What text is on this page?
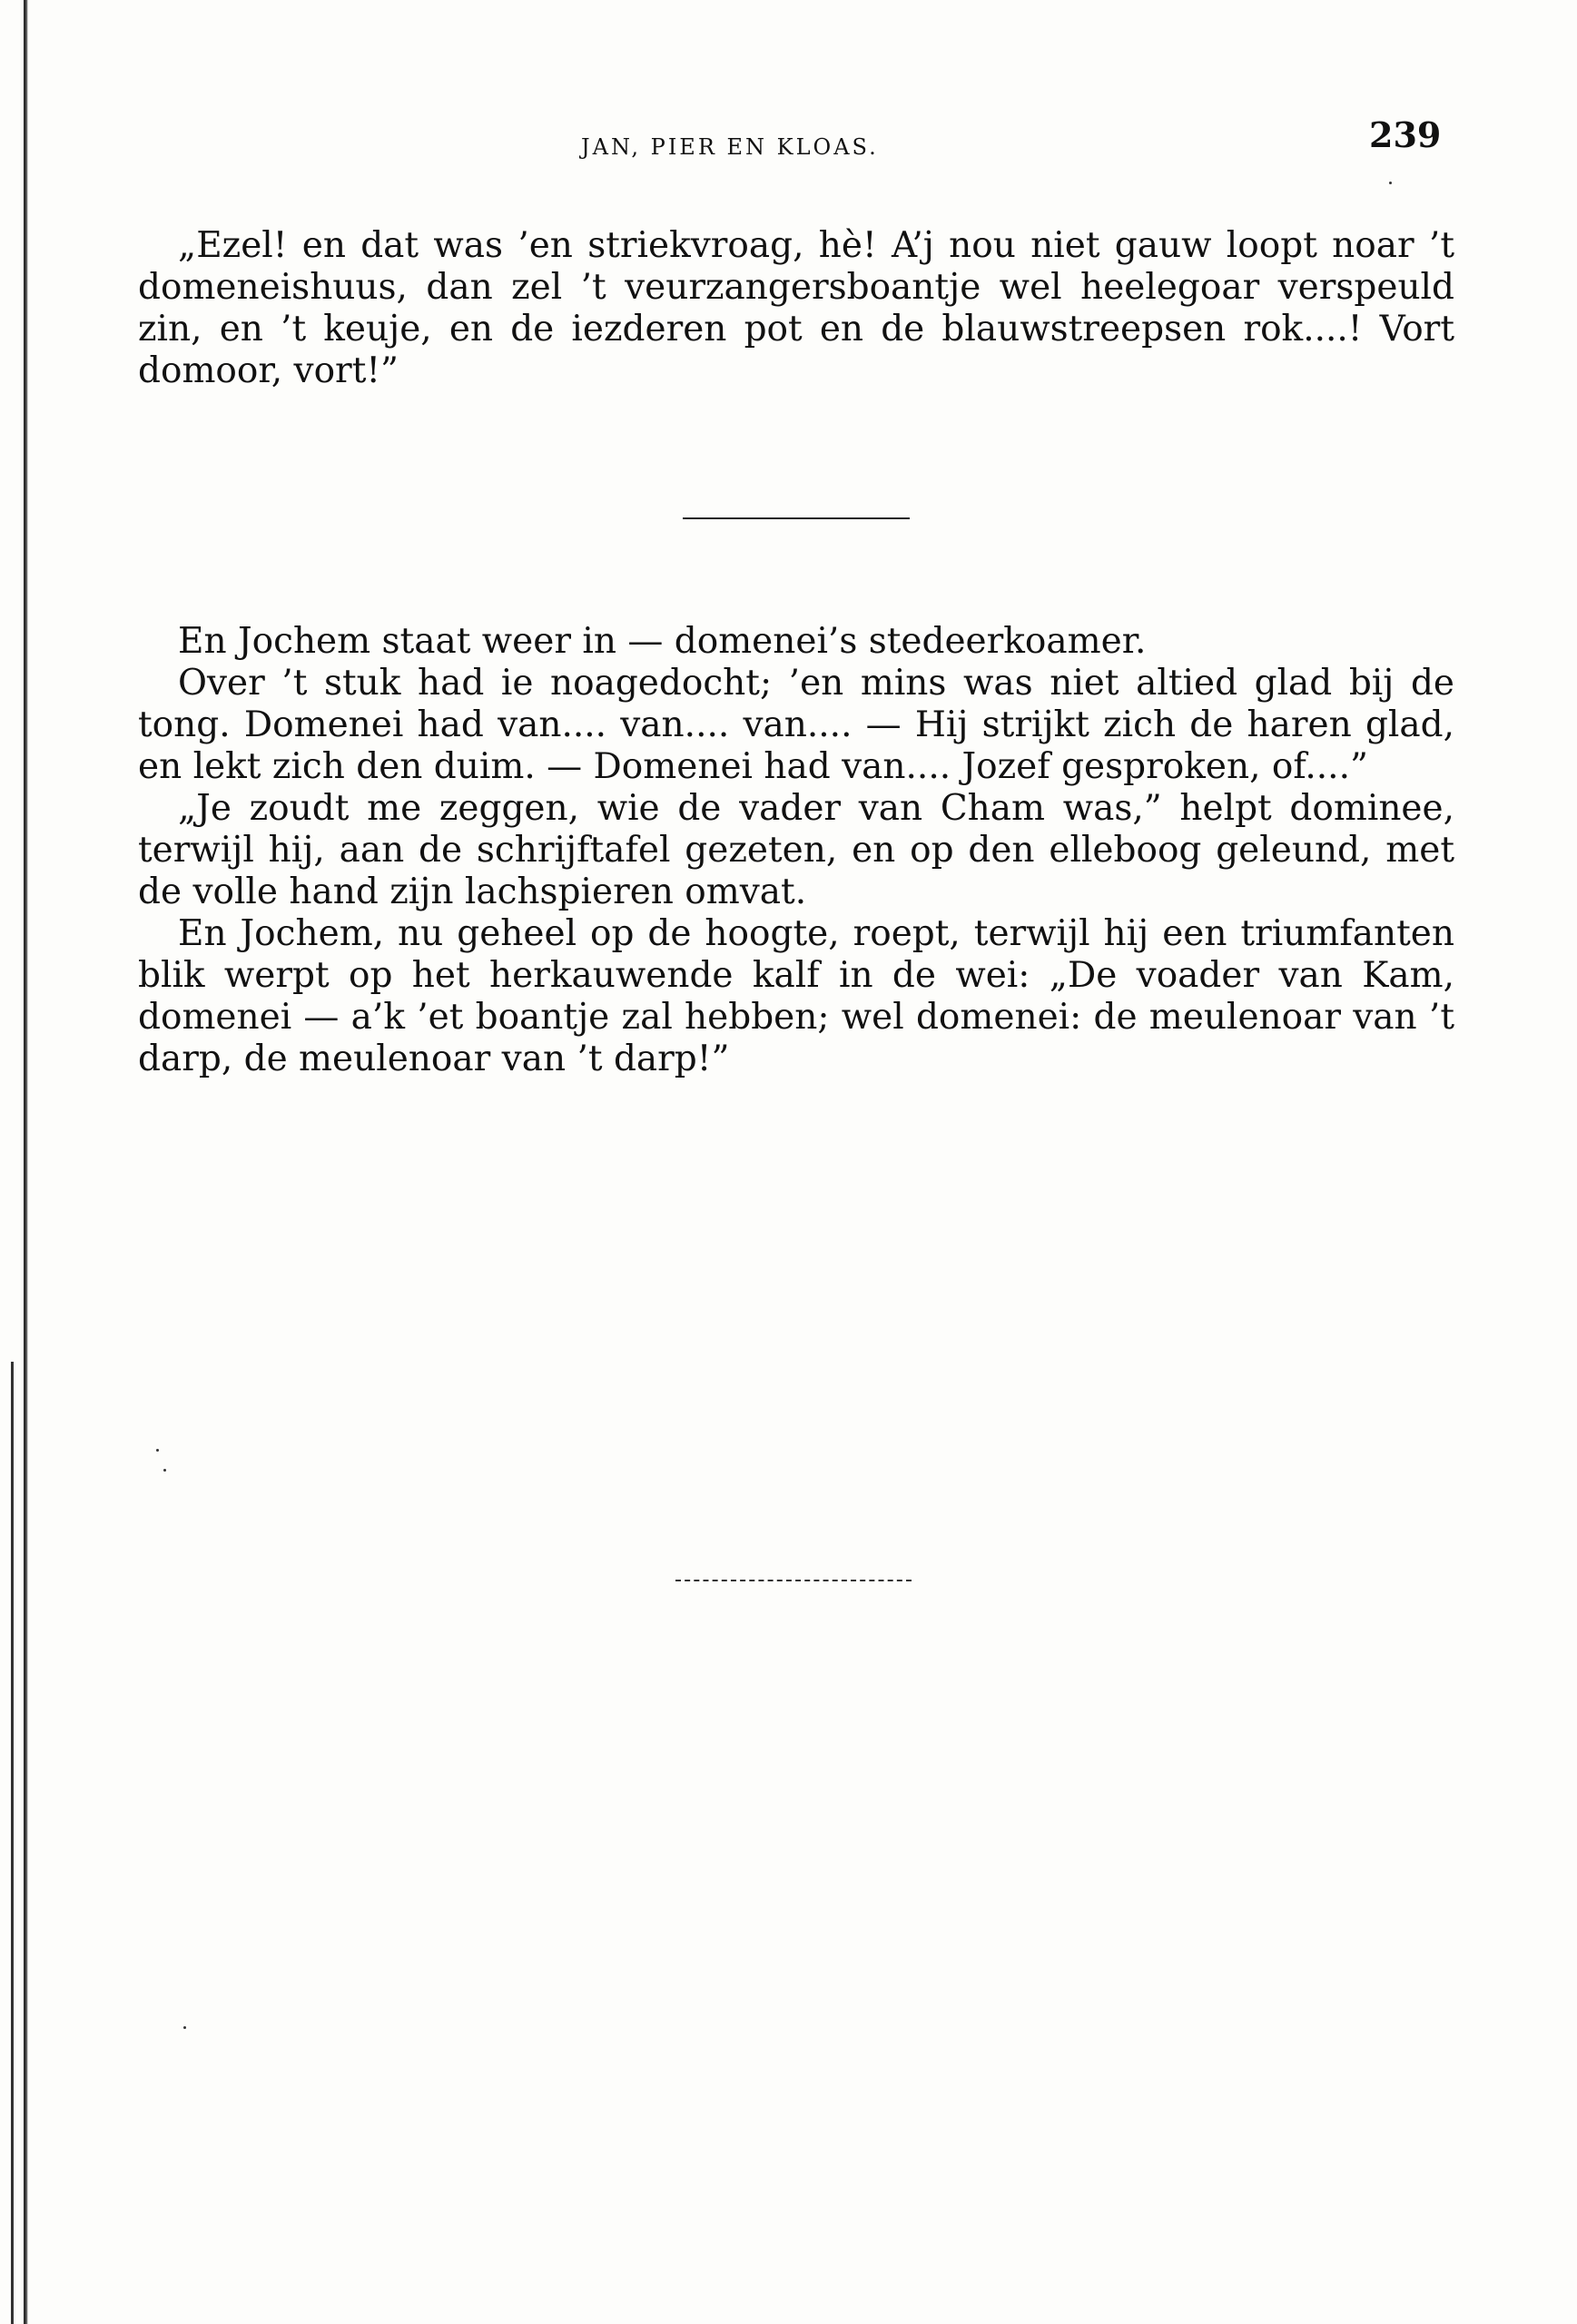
JAN, PIER EN KLOAS.	239

„Ezel! en dat was ’en striekvroag, hè! A’j nou niet gauw loopt noar ’t domeneishuus, dan zel ’t veurzangersboantje wel heelegoar verspeuld zin, en ’t keuje, en de iezderen pot en de blauwstreepsen rok....! Vort domoor, vort!”

En Jochem staat weer in — domenei’s stedeerkoamer.

Over ’t stuk had ie noagedocht; ’en mins was niet altied glad bij de tong. Domenei had van.... van.... van.... — Hij strijkt zich de haren glad, en lekt zich den duim. — Domenei had van.... Jozef gesproken, of....”

„Je zoudt me zeggen, wie de vader van Cham was,” helpt dominee, terwijl hij, aan de schrijftafel gezeten, en op den elleboog geleund, met de volle hand zijn lachspieren omvat.

En Jochem, nu geheel op de hoogte, roept, terwijl hij een triumfanten blik werpt op het herkauwende kalf in de wei: „De voader van Kam, domenei — a’k ’et boantje zal hebben; wel domenei: de meulenoar van ’t darp, de meulenoar van ’t darp!”
